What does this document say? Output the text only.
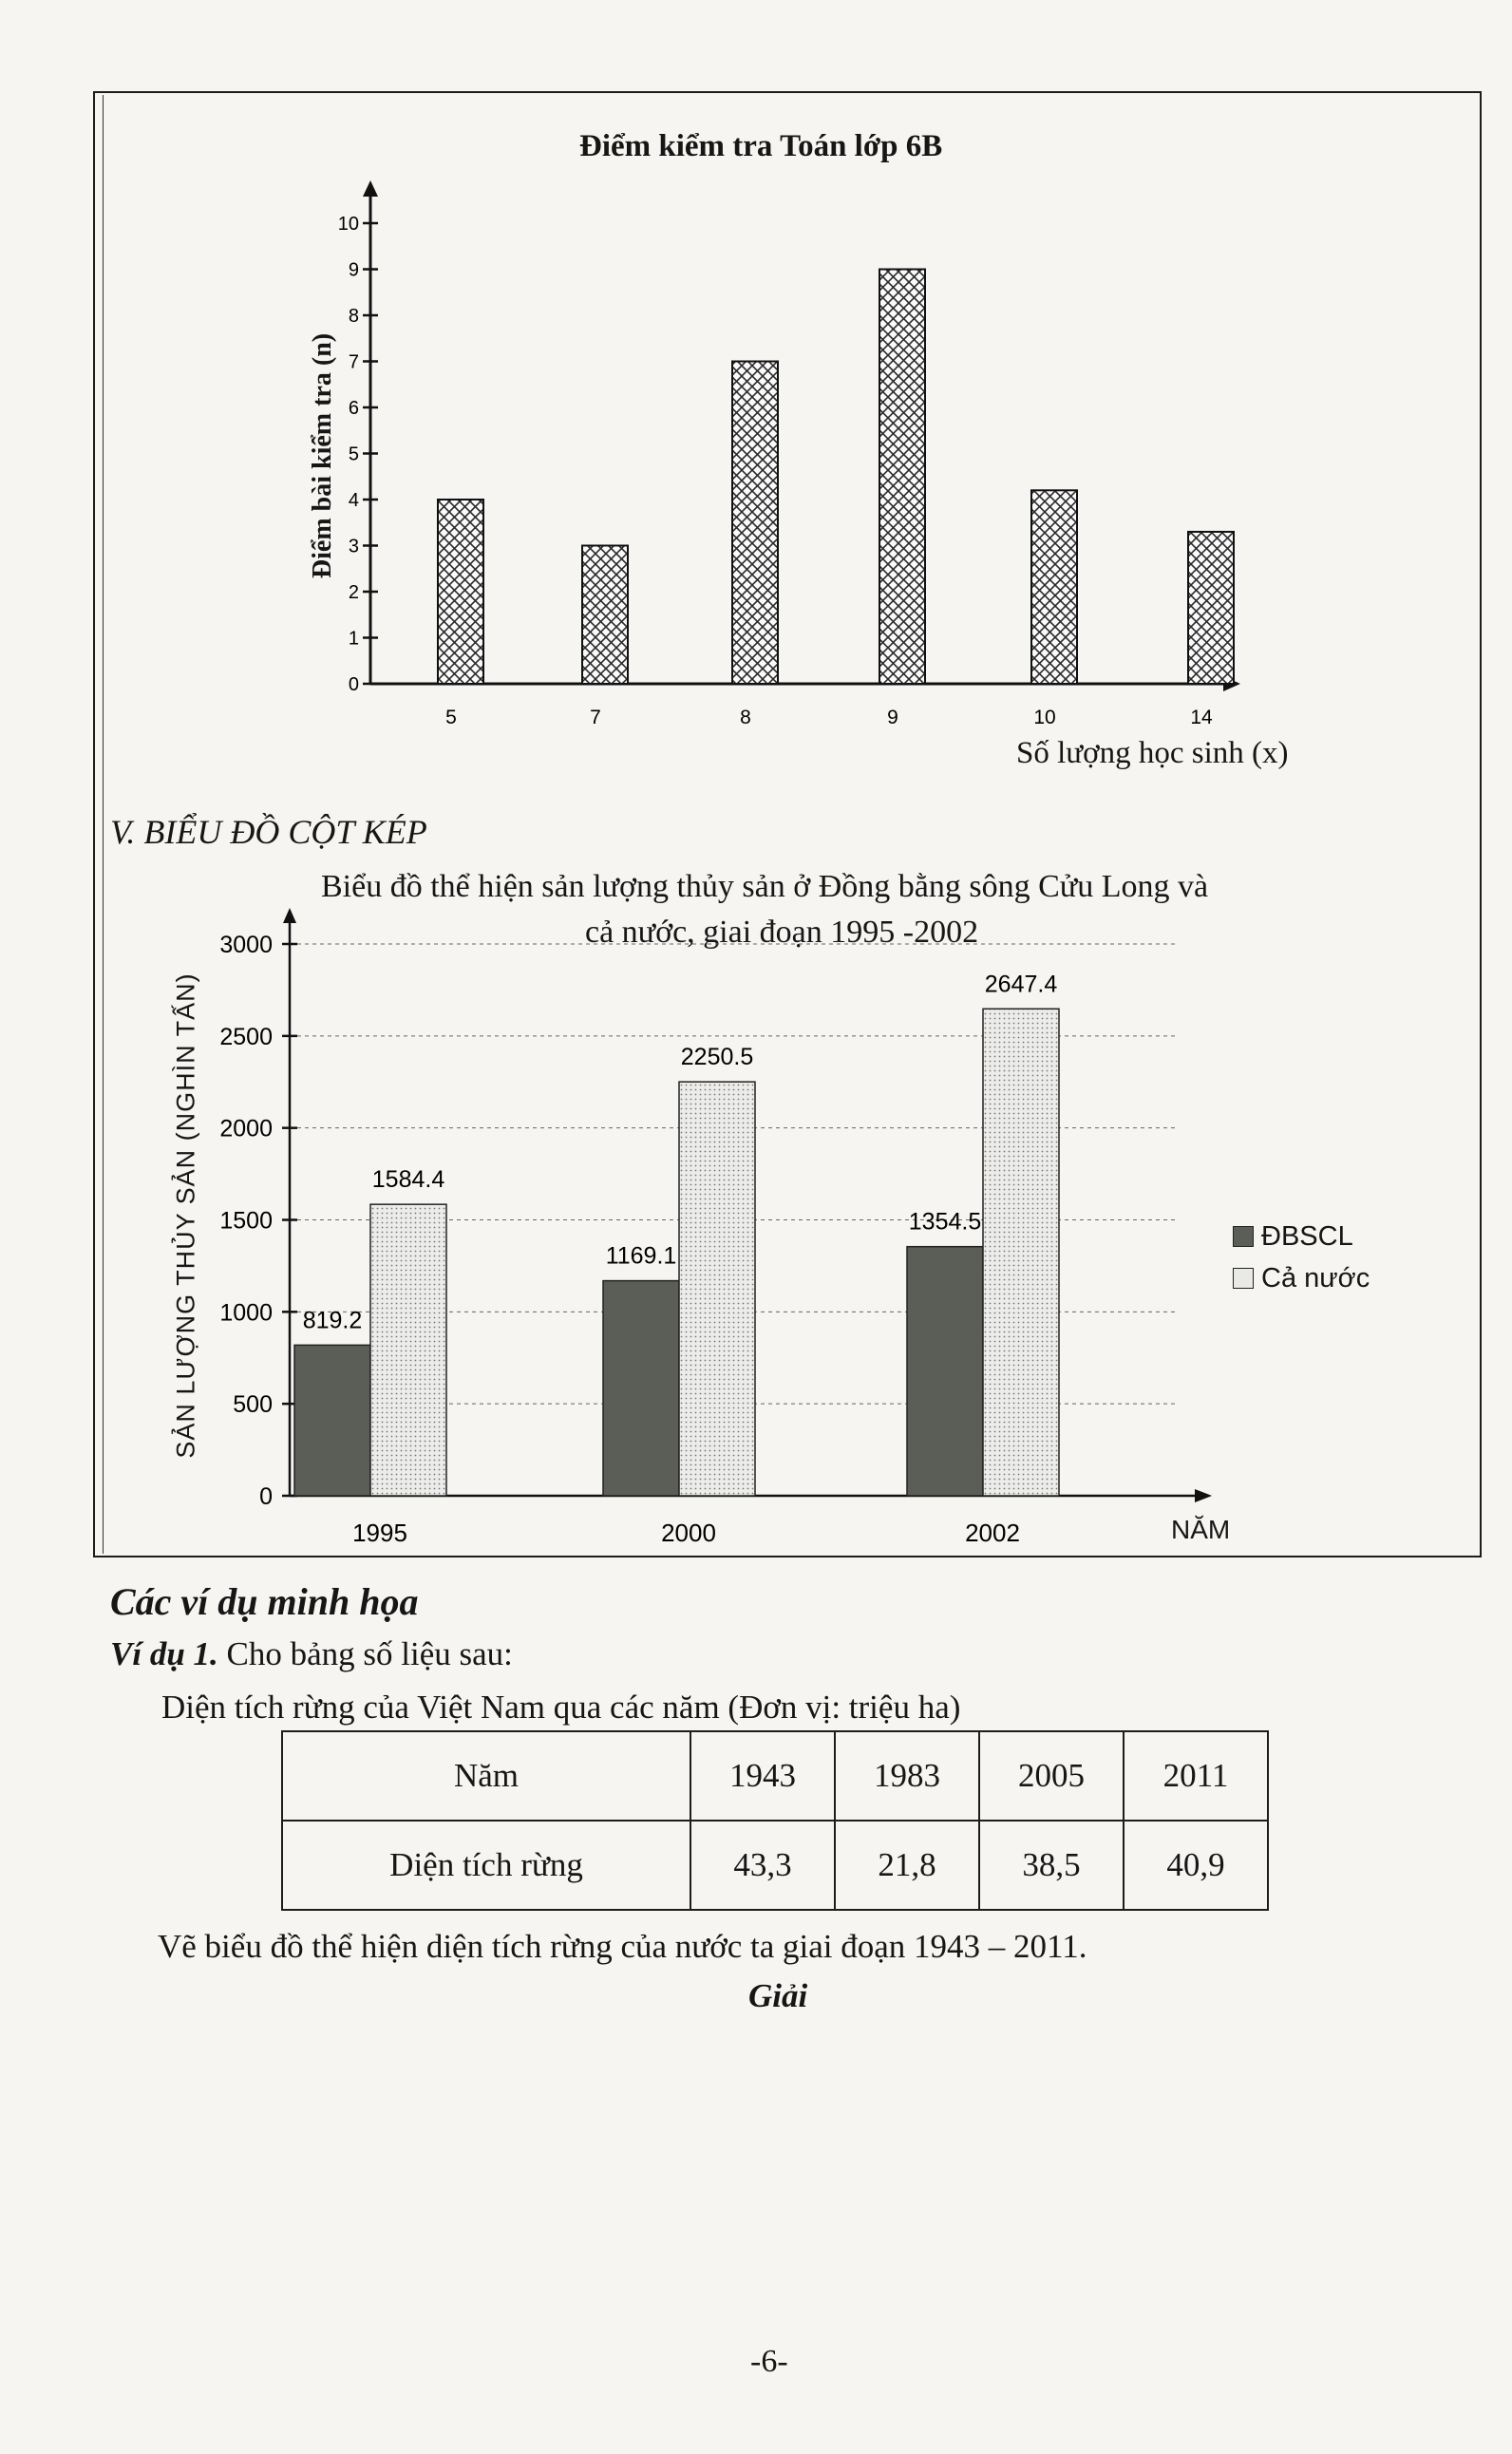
Điểm kiểm tra Toán lớp 6B
Điểm bài kiểm tra (n)
Số lượng học sinh (x)
0
1
2
3
4
5
6
7
8
9
10
5	7	8	9	10	14
V. BIỂU ĐỒ CỘT KÉP
Biểu đồ thể hiện sản lượng thủy sản ở Đồng bằng sông Cửu Long và
cả nước, giai đoạn 1995 -2002
SẢN LƯỢNG THỦY SẢN (NGHÌN TẤN)
NĂM
ĐBSCL
Cả nước
0
500
1000
1500
2000
2500
3000
819.2
1584.4
1995
1169.1
2250.5
2000
1354.5
2647.4
2002
Các ví dụ minh họa
Ví dụ 1. Cho bảng số liệu sau:
Diện tích rừng của Việt Nam qua các năm (Đơn vị: triệu ha)
Năm	1943	1983	2005	2011
Diện tích rừng	43,3	21,8	38,5	40,9
Vẽ biểu đồ thể hiện diện tích rừng của nước ta giai đoạn 1943 – 2011.
Giải
-6-
